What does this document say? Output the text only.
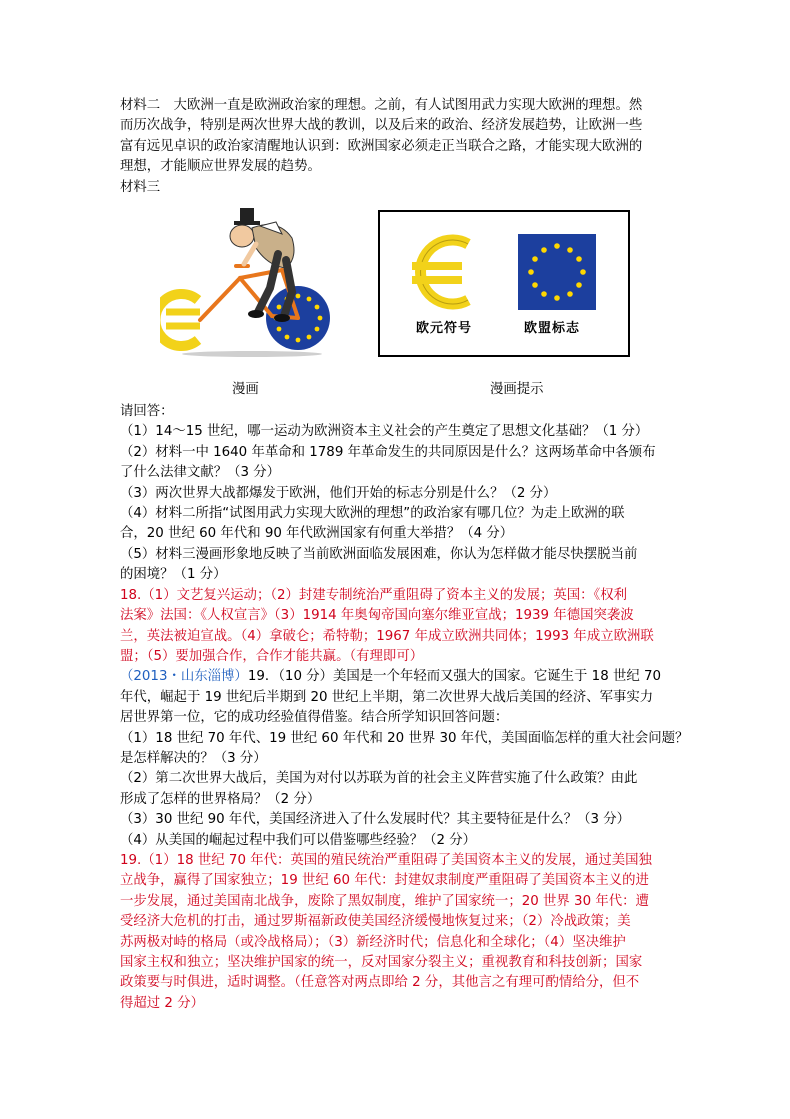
材料二　大欧洲一直是欧洲政治家的理想。之前，有人试图用武力实现大欧洲的理想。然
而历次战争，特别是两次世界大战的教训，以及后来的政治、经济发展趋势，让欧洲一些
富有远见卓识的政治家清醒地认识到：欧洲国家必须走正当联合之路，才能实现大欧洲的
理想，才能顺应世界发展的趋势。
材料三
欧元符号	欧盟标志
漫画	漫画提示
请回答：
（1）14～15 世纪，哪一运动为欧洲资本主义社会的产生奠定了思想文化基础？（1 分）
（2）材料一中 1640 年革命和 1789 年革命发生的共同原因是什么？这两场革命中各颁布
了什么法律文献？（3 分）
（3）两次世界大战都爆发于欧洲，他们开始的标志分别是什么？（2 分）
（4）材料二所指“试图用武力实现大欧洲的理想”的政治家有哪几位？为走上欧洲的联
合，20 世纪 60 年代和 90 年代欧洲国家有何重大举措？（4 分）
（5）材料三漫画形象地反映了当前欧洲面临发展困难，你认为怎样做才能尽快摆脱当前
的困境？（1 分）
18.（1）文艺复兴运动；（2）封建专制统治严重阻碍了资本主义的发展；英国：《权利
法案》法国：《人权宣言》（3）1914 年奥匈帝国向塞尔维亚宣战；1939 年德国突袭波
兰，英法被迫宣战。（4）拿破仑；希特勒；1967 年成立欧洲共同体；1993 年成立欧洲联
盟；（5）要加强合作，合作才能共赢。（有理即可）
（2013・山东淄博）19．（10 分）美国是一个年轻而又强大的国家。它诞生于 18 世纪 70
年代，崛起于 19 世纪后半期到 20 世纪上半期，第二次世界大战后美国的经济、军事实力
居世界第一位，它的成功经验值得借鉴。结合所学知识回答问题：
（1）18 世纪 70 年代、19 世纪 60 年代和 20 世界 30 年代，美国面临怎样的重大社会问题？
是怎样解决的？（3 分）
（2）第二次世界大战后，美国为对付以苏联为首的社会主义阵营实施了什么政策？由此
形成了怎样的世界格局？（2 分）
（3）30 世纪 90 年代，美国经济进入了什么发展时代？其主要特征是什么？（3 分）
（4）从美国的崛起过程中我们可以借鉴哪些经验？（2 分）
19.（1）18 世纪 70 年代：英国的殖民统治严重阻碍了美国资本主义的发展，通过美国独
立战争，赢得了国家独立；19 世纪 60 年代：封建奴隶制度严重阻碍了美国资本主义的进
一步发展，通过美国南北战争，废除了黑奴制度，维护了国家统一；20 世界 30 年代：遭
受经济大危机的打击，通过罗斯福新政使美国经济缓慢地恢复过来；（2）冷战政策；美
苏两极对峙的格局（或冷战格局）；（3）新经济时代；信息化和全球化；（4）坚决维护
国家主权和独立；坚决维护国家的统一，反对国家分裂主义；重视教育和科技创新；国家
政策要与时俱进，适时调整。（任意答对两点即给 2 分，其他言之有理可酌情给分，但不
得超过 2 分）
